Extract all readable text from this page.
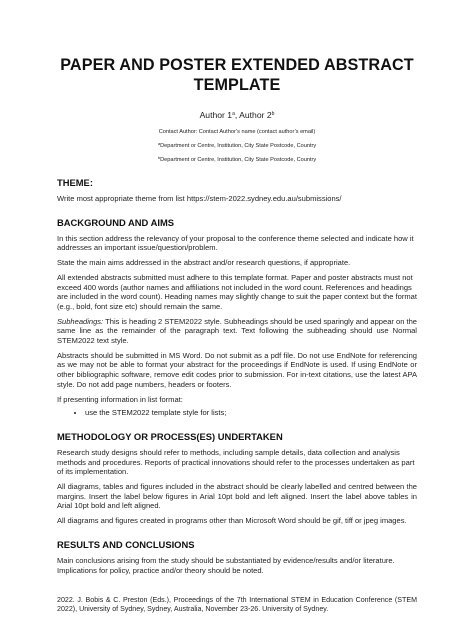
PAPER AND POSTER EXTENDED ABSTRACT
TEMPLATE
Author 1$^a$, Author 2$^b$
Contact Author: Contact Author’s name (contact author’s email)
$^a$Department or Centre, Institution, City State Postcode, Country
$^b$Department or Centre, Institution, City State Postcode, Country
THEME:

Write most appropriate theme from list https://stem-2022.sydney.edu.au/submissions/

BACKGROUND AND AIMS

In this section address the relevancy of your proposal to the conference theme selected and indicate how it addresses an important issue/question/problem.

State the main aims addressed in the abstract and/or research questions, if appropriate.

All extended abstracts submitted must adhere to this template format. Paper and poster abstracts must not exceed 400 words (author names and affiliations not included in the word count. References and headings are included in the word count). Heading names may slightly change to suit the paper context but the format (e.g., bold, font size etc) should remain the same.

Subheadings: This is heading 2 STEM2022 style. Subheadings should be used sparingly and appear on the same line as the remainder of the paragraph text. Text following the subheading should use Normal STEM2022 text style.

Abstracts should be submitted in MS Word. Do not submit as a pdf file. Do not use EndNote for referencing as we may not be able to format your abstract for the proceedings if EndNote is used. If using EndNote or other bibliographic software, remove edit codes prior to submission. For in-text citations, use the latest APA style. Do not add page numbers, headers or footers.

If presenting information in list format:

• use the STEM2022 template style for lists;
METHODOLOGY OR PROCESS(ES) UNDERTAKEN

Research study designs should refer to methods, including sample details, data collection and analysis methods and procedures. Reports of practical innovations should refer to the processes undertaken as part of its implementation.

All diagrams, tables and figures included in the abstract should be clearly labelled and centred between the margins. Insert the label below figures in Arial 10pt bold and left aligned. Insert the label above tables in Arial 10pt bold and left aligned.

All diagrams and figures created in programs other than Microsoft Word should be gif, tiff or jpeg images.

RESULTS AND CONCLUSIONS

Main conclusions arising from the study should be substantiated by evidence/results and/or literature. Implications for policy, practice and/or theory should be noted.

2022. J. Bobis & C. Preston (Eds.), Proceedings of the 7th International STEM in Education Conference (STEM 2022), University of Sydney, Sydney, Australia, November 23-26. University of Sydney.
